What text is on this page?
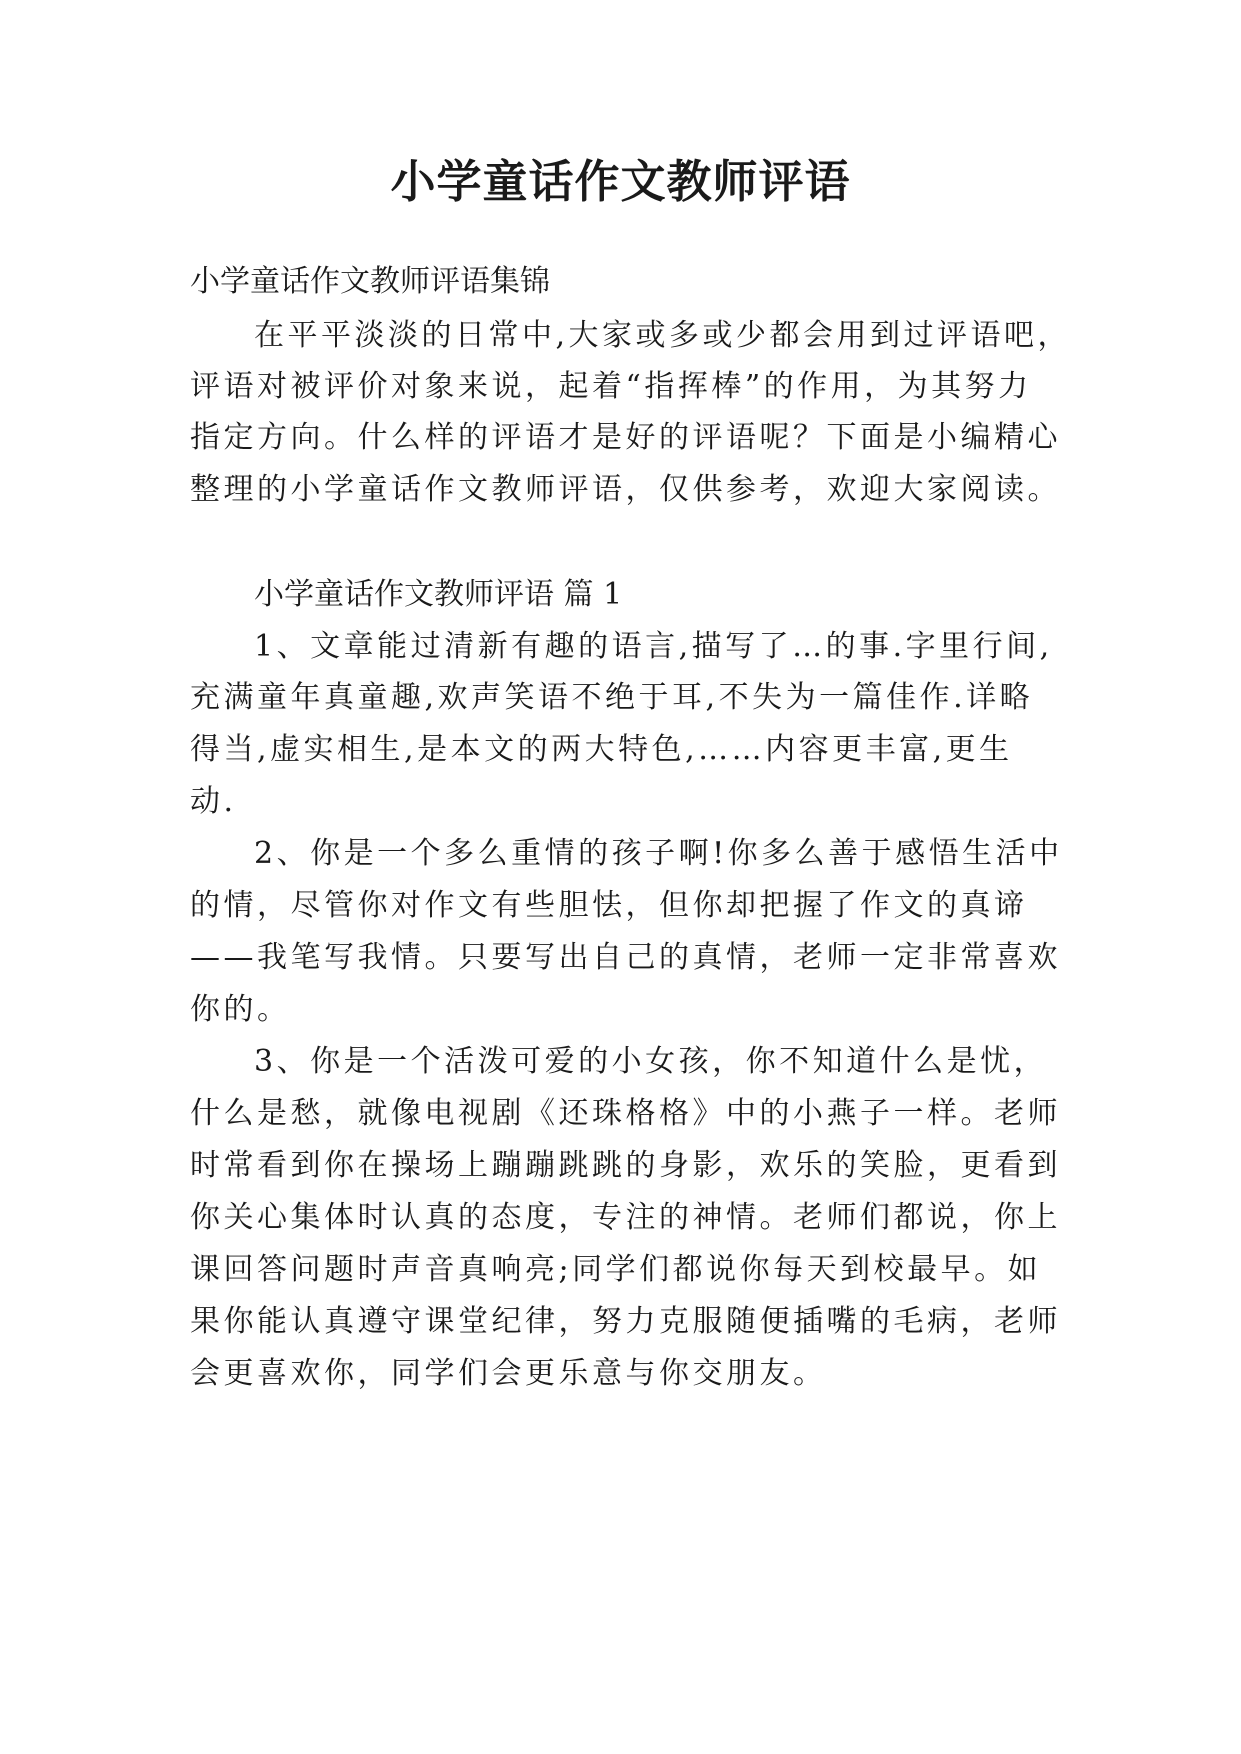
小学童话作文教师评语
小学童话作文教师评语集锦
在平平淡淡的日常中,大家或多或少都会用到过评语吧，
评语对被评价对象来说，起着“指挥棒”的作用，为其努力
指定方向。什么样的评语才是好的评语呢？下面是小编精心
整理的小学童话作文教师评语，仅供参考，欢迎大家阅读。
小学童话作文教师评语 篇 1
1、文章能过清新有趣的语言,描写了…的事.字里行间,
充满童年真童趣,欢声笑语不绝于耳,不失为一篇佳作.详略
得当,虚实相生,是本文的两大特色,……内容更丰富,更生
动.
2、你是一个多么重情的孩子啊!你多么善于感悟生活中
的情，尽管你对作文有些胆怯，但你却把握了作文的真谛
——我笔写我情。只要写出自己的真情，老师一定非常喜欢
你的。
3、你是一个活泼可爱的小女孩，你不知道什么是忧，
什么是愁，就像电视剧《还珠格格》中的小燕子一样。老师
时常看到你在操场上蹦蹦跳跳的身影，欢乐的笑脸，更看到
你关心集体时认真的态度，专注的神情。老师们都说，你上
课回答问题时声音真响亮;同学们都说你每天到校最早。如
果你能认真遵守课堂纪律，努力克服随便插嘴的毛病，老师
会更喜欢你，同学们会更乐意与你交朋友。
